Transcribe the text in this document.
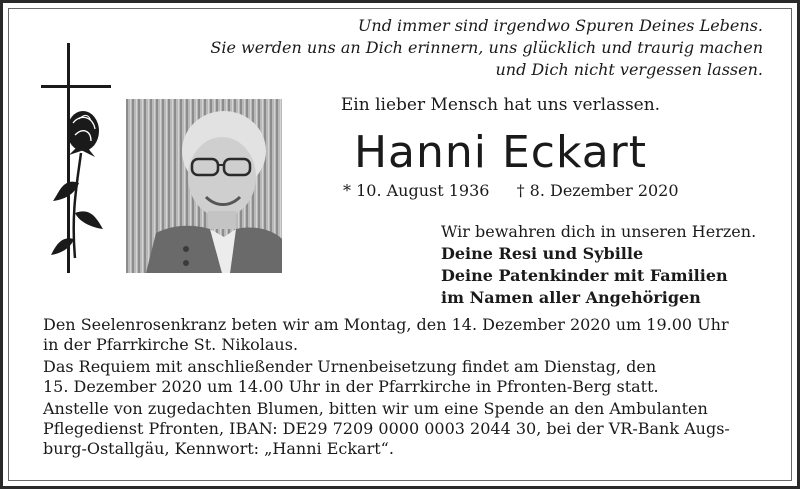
Und immer sind irgendwo Spuren Deines Lebens.
Sie werden uns an Dich erinnern, uns glücklich und traurig machen
und Dich nicht vergessen lassen.
Ein lieber Mensch hat uns verlassen.
Hanni Eckart
* 10. August 1936 † 8. Dezember 2020
Wir bewahren dich in unseren Herzen.
Deine Resi und Sybille
Deine Patenkinder mit Familien
im Namen aller Angehörigen

Den Seelenrosenkranz beten wir am Montag, den 14. Dezember 2020 um 19.00 Uhr
in der Pfarrkirche St. Nikolaus.

Das Requiem mit anschließender Urnenbeisetzung findet am Dienstag, den
15. Dezember 2020 um 14.00 Uhr in der Pfarrkirche in Pfronten-Berg statt.

Anstelle von zugedachten Blumen, bitten wir um eine Spende an den Ambulanten
Pflegedienst Pfronten, IBAN: DE29 7209 0000 0003 2044 30, bei der VR-Bank Augs-
burg-Ostallgäu, Kennwort: „Hanni Eckart“.
